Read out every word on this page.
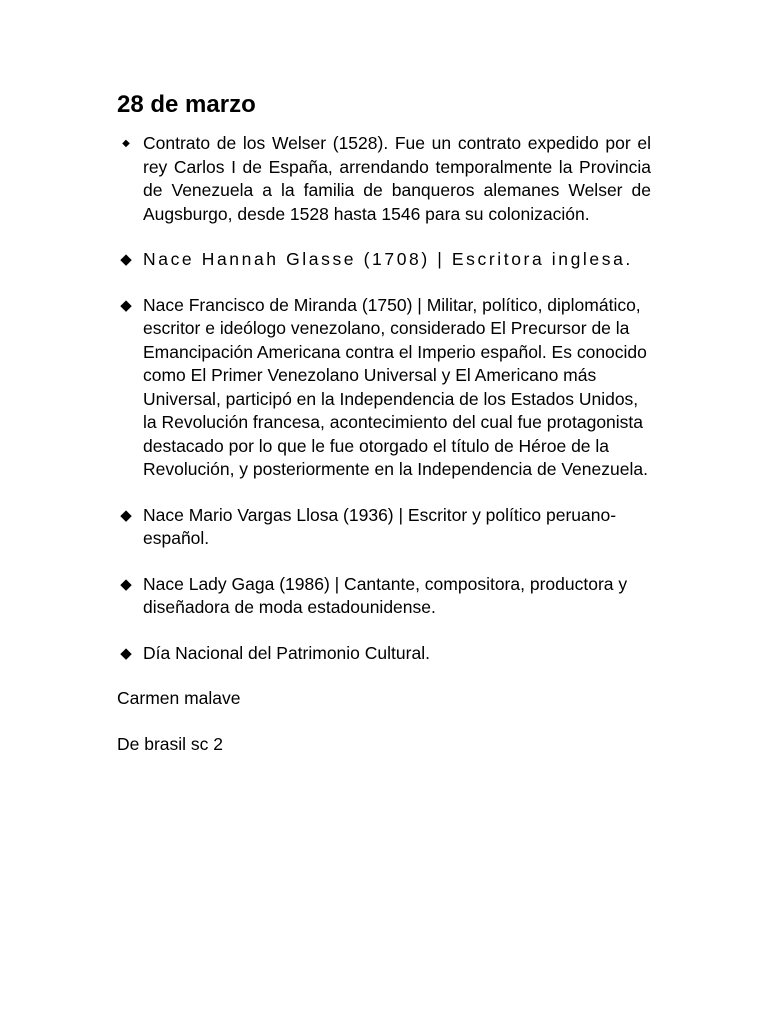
28 de marzo
◆ Contrato de los Welser (1528). Fue un contrato expedido por el rey Carlos I de España, arrendando temporalmente la Provincia de Venezuela a la familia de banqueros alemanes Welser de Augsburgo, desde 1528 hasta 1546 para su colonización.
◆ Nace Hannah Glasse (1708) | Escritora inglesa.
◆ Nace Francisco de Miranda (1750) | Militar, político, diplomático, escritor e ideólogo venezolano, considerado El Precursor de la Emancipación Americana contra el Imperio español. Es conocido como El Primer Venezolano Universal y El Americano más Universal, participó en la Independencia de los Estados Unidos, la Revolución francesa, acontecimiento del cual fue protagonista destacado por lo que le fue otorgado el título de Héroe de la Revolución, y posteriormente en la Independencia de Venezuela.
◆ Nace Mario Vargas Llosa (1936) | Escritor y político peruano-español.
◆ Nace Lady Gaga (1986) | Cantante, compositora, productora y diseñadora de moda estadounidense.
◆ Día Nacional del Patrimonio Cultural.
Carmen malave
De brasil sc 2
